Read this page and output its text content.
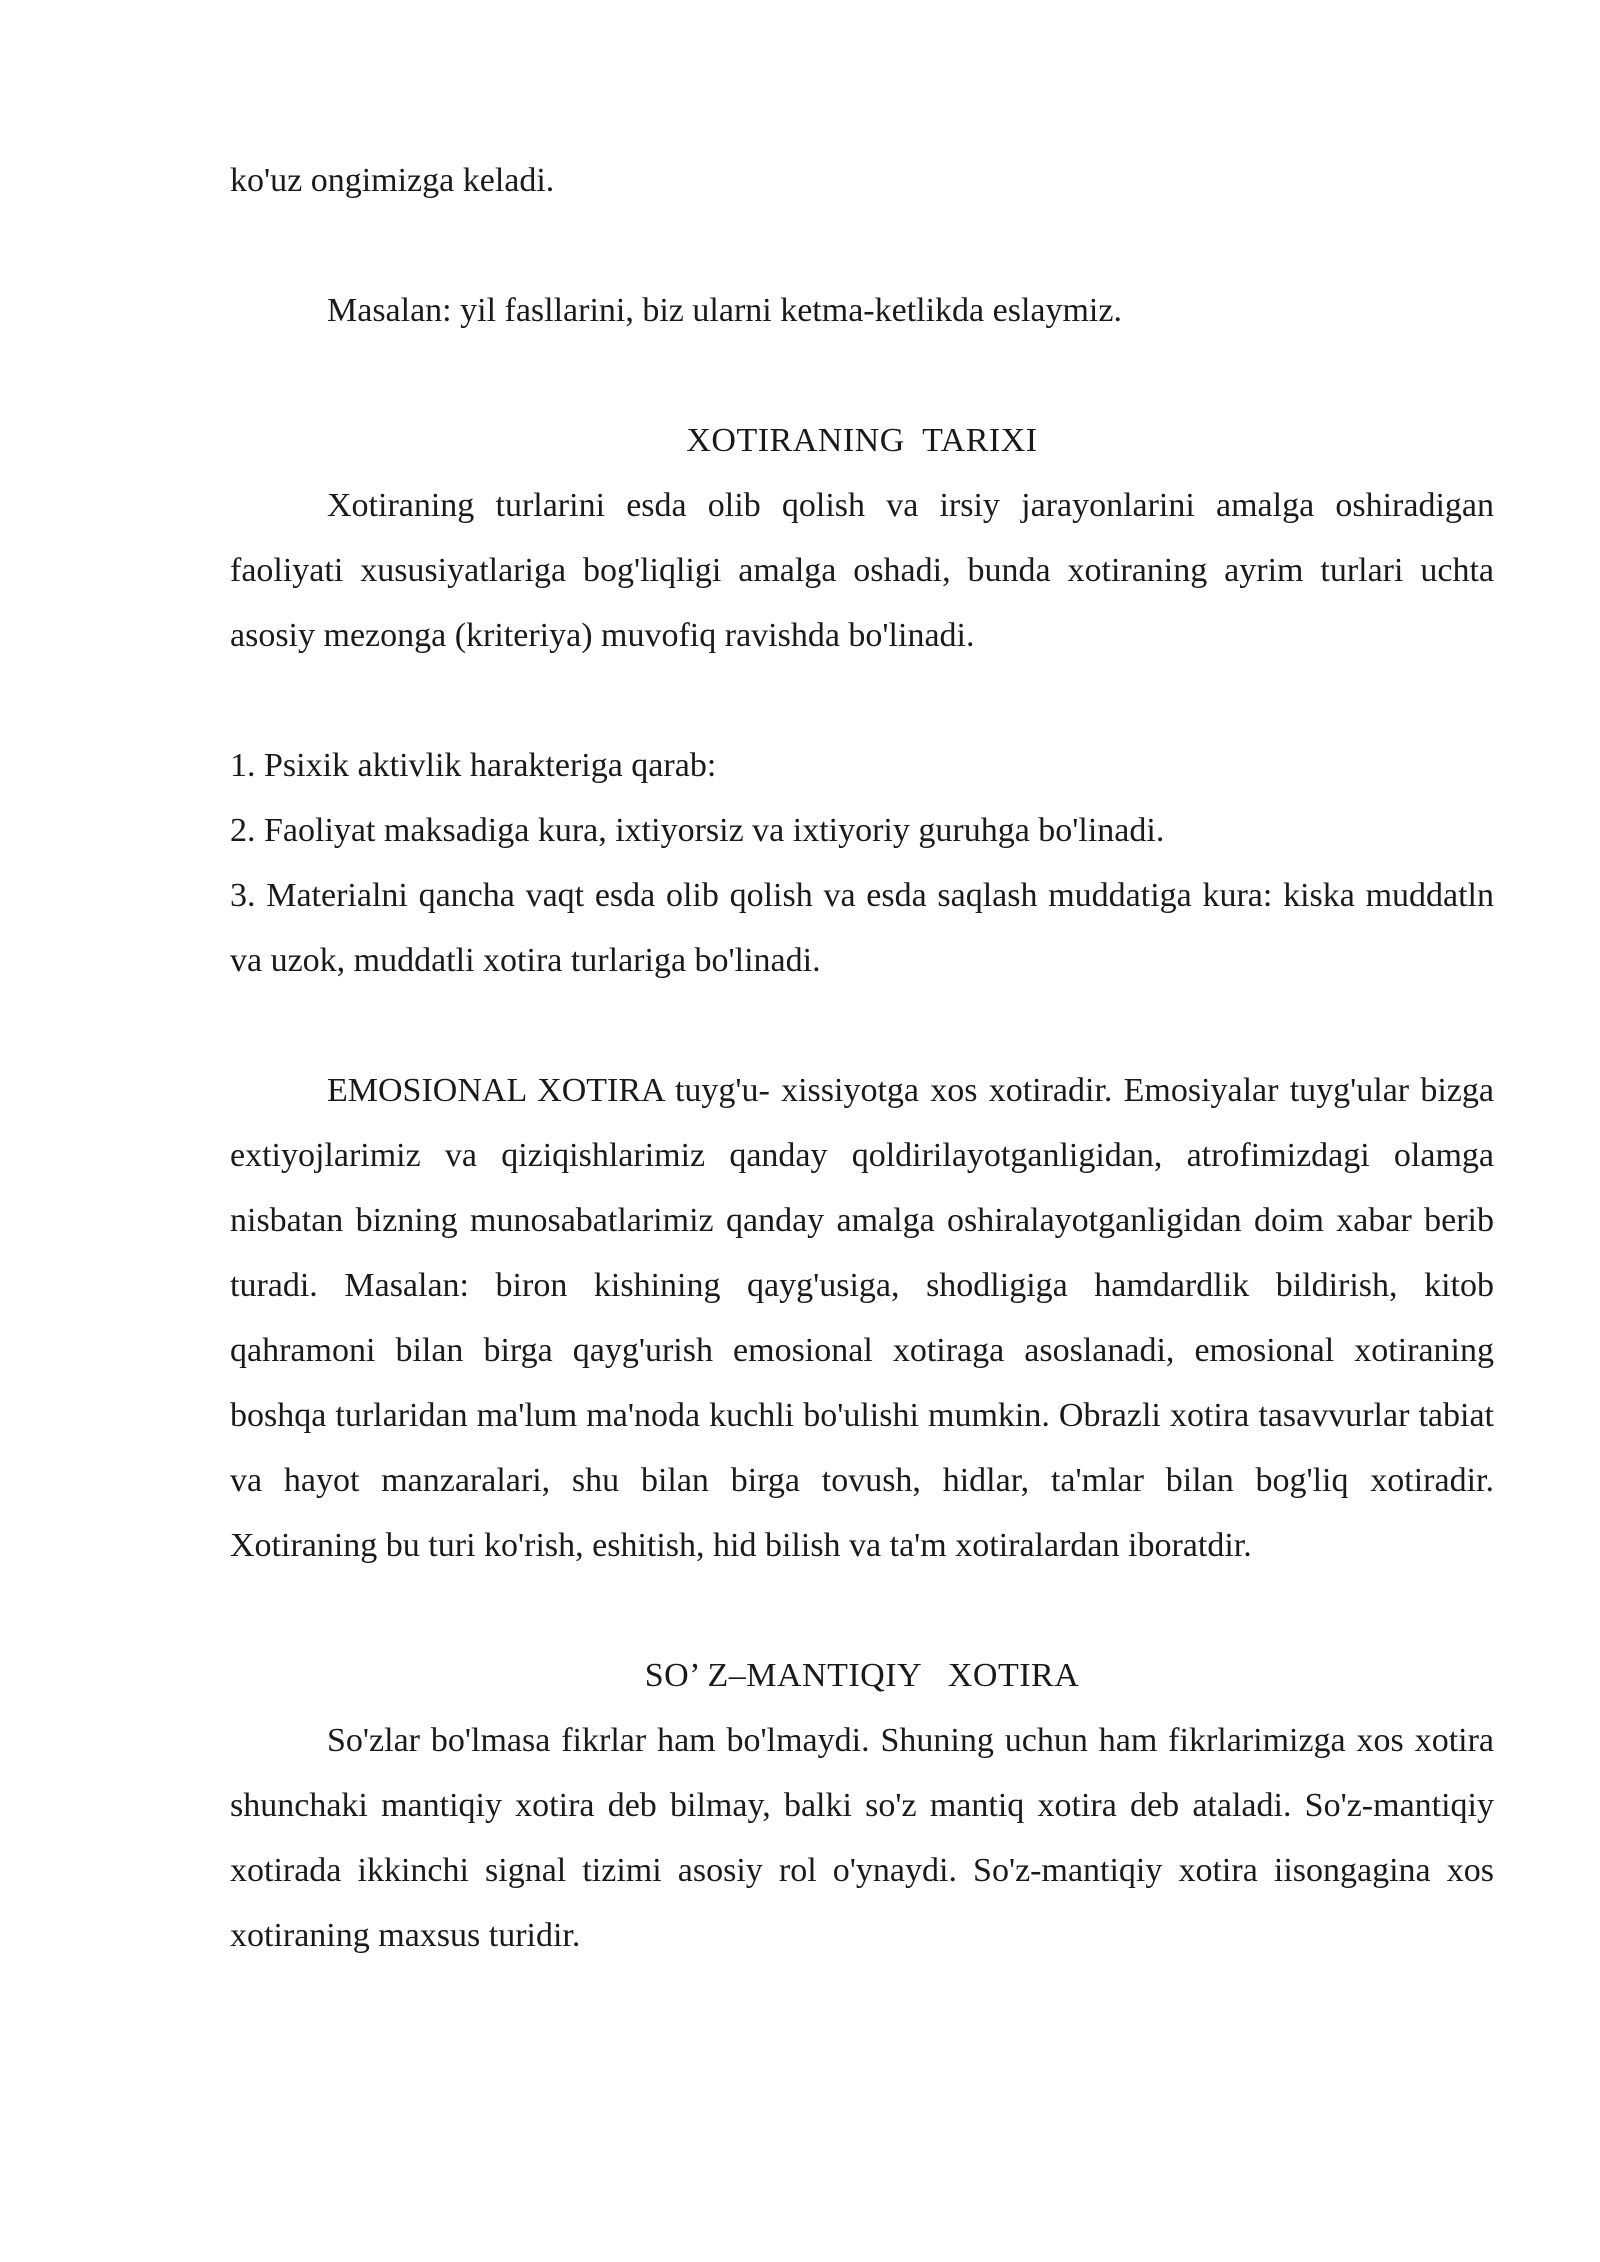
ko'uz ongimizga keladi.

Masalan: yil fasllarini, biz ularni ketma-ketlikda eslaymiz.

XOTIRANING  TARIXI

Xotiraning turlarini esda olib qolish va irsiy jarayonlarini amalga oshiradigan faoliyati xususiyatlariga bog'liqligi amalga oshadi, bunda xotiraning ayrim turlari uchta asosiy mezonga (kriteriya) muvofiq ravishda bo'linadi.

1. Psixik aktivlik harakteriga qarab:

2. Faoliyat maksadiga kura, ixtiyorsiz va ixtiyoriy guruhga bo'linadi.

3. Materialni qancha vaqt esda olib qolish va esda saqlash muddatiga kura: kiska muddatln va uzok, muddatli xotira turlariga bo'linadi.

EMOSIONAL XOTIRA tuyg'u- xissiyotga xos xotiradir. Emosiyalar tuyg'ular bizga extiyojlarimiz va qiziqishlarimiz qanday qoldirilayotganligidan, atrofimizdagi olamga nisbatan bizning munosabatlarimiz qanday amalga oshiralayotganligidan doim xabar berib turadi. Masalan: biron kishining qayg'usiga, shodligiga hamdardlik bildirish, kitob qahramoni bilan birga qayg'urish emosional xotiraga asoslanadi, emosional xotiraning boshqa turlaridan ma'lum ma'noda kuchli bo'ulishi mumkin. Obrazli xotira tasavvurlar tabiat va hayot manzaralari, shu bilan birga tovush, hidlar, ta'mlar bilan bog'liq xotiradir. Xotiraning bu turi ko'rish, eshitish, hid bilish va ta'm xotiralardan iboratdir.

SO’ Z–MANTIQIY   XOTIRA

So'zlar bo'lmasa fikrlar ham bo'lmaydi. Shuning uchun ham fikrlarimizga xos xotira shunchaki mantiqiy xotira deb bilmay, balki so'z mantiq xotira deb ataladi. So'z-mantiqiy xotirada ikkinchi signal tizimi asosiy rol o'ynaydi. So'z-mantiqiy xotira iisongagina xos xotiraning maxsus turidir.
